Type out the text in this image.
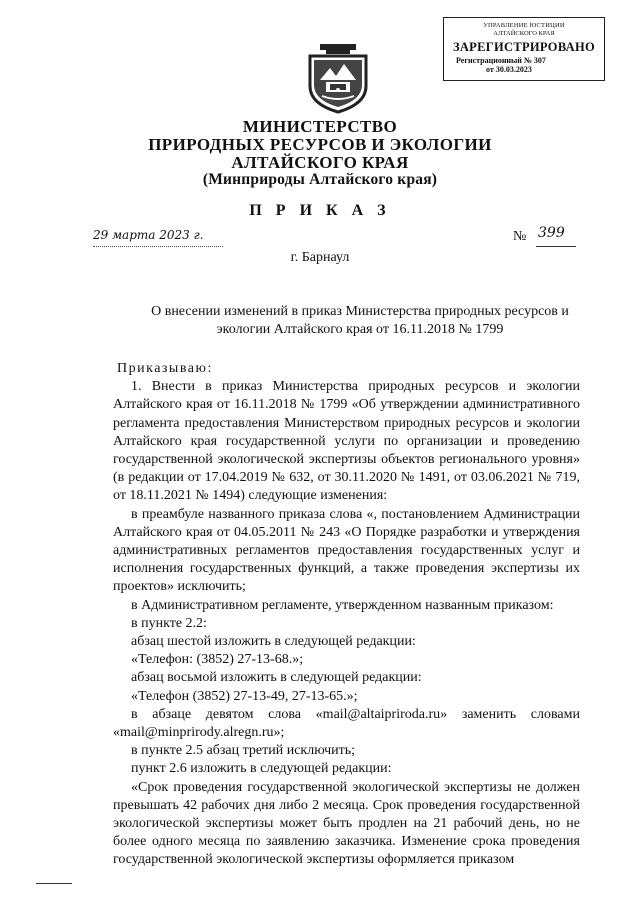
УПРАВЛЕНИЕ ЮСТИЦИИ
АЛТАЙСКОГО КРАЯ
ЗАРЕГИСТРИРОВАНО
Регистрационный № 307
от 30.03.2023
МИНИСТЕРСТВО
ПРИРОДНЫХ РЕСУРСОВ И ЭКОЛОГИИ
АЛТАЙСКОГО КРАЯ
(Минприроды Алтайского края)
П Р И К А З
29 марта 2023 г.	№ 399
г. Барнаул
О внесении изменений в приказ Министерства природных ресурсов и
экологии Алтайского края от 16.11.2018 № 1799

Приказываю:

1. Внести в приказ Министерства природных ресурсов и экологии Алтайского края от 16.11.2018 № 1799 «Об утверждении административного регламента предоставления Министерством природных ресурсов и экологии Алтайского края государственной услуги по организации и проведению государственной экологической экспертизы объектов регионального уровня» (в редакции от 17.04.2019 № 632, от 30.11.2020 № 1491, от 03.06.2021 № 719, от 18.11.2021 № 1494) следующие изменения:

в преамбуле названного приказа слова «, постановлением Администрации Алтайского края от 04.05.2011 № 243 «О Порядке разработки и утверждения административных регламентов предоставления государственных услуг и исполнения государственных функций, а также проведения экспертизы их проектов» исключить;

в Административном регламенте, утвержденном названным приказом:

в пункте 2.2:

абзац шестой изложить в следующей редакции:

«Телефон: (3852) 27-13-68.»;

абзац восьмой изложить в следующей редакции:

«Телефон (3852) 27-13-49, 27-13-65.»;

в абзаце девятом слова «mail@altaipriroda.ru» заменить словами «mail@minprirody.alregn.ru»;

в пункте 2.5 абзац третий исключить;

пункт 2.6 изложить в следующей редакции:

«Срок проведения государственной экологической экспертизы не должен превышать 42 рабочих дня либо 2 месяца. Срок проведения государственной экологической экспертизы может быть продлен на 21 рабочий день, но не более одного месяца по заявлению заказчика. Изменение срока проведения государственной экологической экспертизы оформляется приказом
